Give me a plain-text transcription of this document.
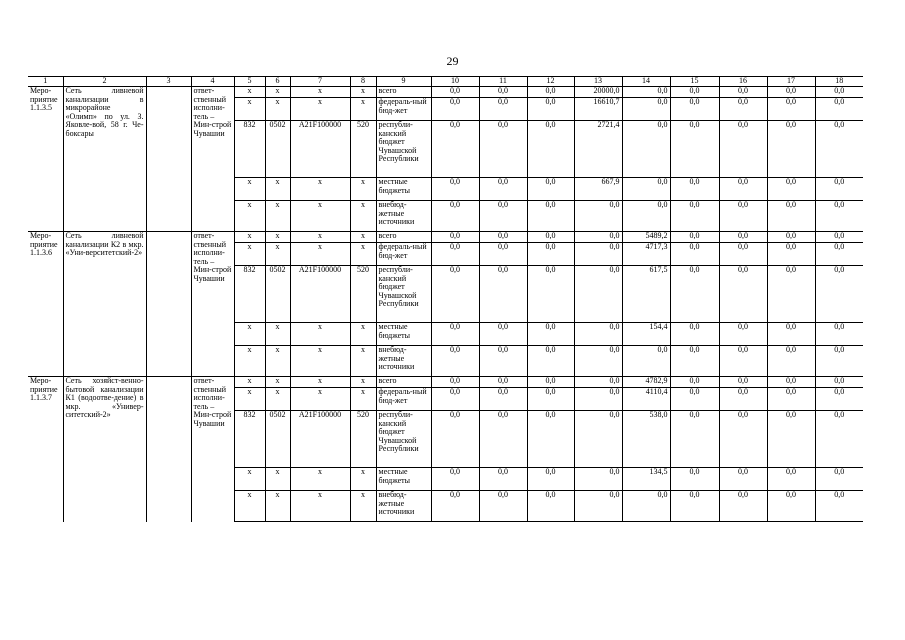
29
1	2	3	4	5	6	7	8	9	10	11	12	13	14	15	16	17	18
Меро-приятие 1.1.3.5	Сеть ливневой канализации в микрорайоне «Олимп» по ул. З. Яковле-вой, 58 г. Че-боксары		ответ-ственный исполни-тель – Мин-строй Чувашии	х	х	х	х	всего	0,0	0,0	0,0	20000,0	0,0	0,0	0,0	0,0	0,0
				х	х	х	х	федераль-ный бюд-жет	0,0	0,0	0,0	16610,7	0,0	0,0	0,0	0,0	0,0
				832	0502	A21F100000	520	республи-канский бюджет Чувашской Республики	0,0	0,0	0,0	2721,4	0,0	0,0	0,0	0,0	0,0
				х	х	х	х	местные бюджеты	0,0	0,0	0,0	667,9	0,0	0,0	0,0	0,0	0,0
				х	х	х	х	внебюд-жетные источники	0,0	0,0	0,0	0,0	0,0	0,0	0,0	0,0	0,0
Меро-приятие 1.1.3.6	Сеть ливневой канализации К2 в мкр. «Уни-верситетский-2»		ответ-ственный исполни-тель – Мин-строй Чувашии	х	х	х	х	всего	0,0	0,0	0,0	0,0	5489,2	0,0	0,0	0,0	0,0
				х	х	х	х	федераль-ный бюд-жет	0,0	0,0	0,0	0,0	4717,3	0,0	0,0	0,0	0,0
				832	0502	A21F100000	520	республи-канский бюджет Чувашской Республики	0,0	0,0	0,0	0,0	617,5	0,0	0,0	0,0	0,0
				х	х	х	х	местные бюджеты	0,0	0,0	0,0	0,0	154,4	0,0	0,0	0,0	0,0
				х	х	х	х	внебюд-жетные источники	0,0	0,0	0,0	0,0	0,0	0,0	0,0	0,0	0,0
Меро-приятие 1.1.3.7	Сеть хозяйст-венно-бытовой канализации К1 (водоотве-дение) в мкр. «Универ-ситетский-2»		ответ-ственный исполни-тель – Мин-строй Чувашии	х	х	х	х	всего	0,0	0,0	0,0	0,0	4782,9	0,0	0,0	0,0	0,0
				х	х	х	х	федераль-ный бюд-жет	0,0	0,0	0,0	0,0	4110,4	0,0	0,0	0,0	0,0
				832	0502	A21F100000	520	республи-канский бюджет Чувашской Республики	0,0	0,0	0,0	0,0	538,0	0,0	0,0	0,0	0,0
				х	х	х	х	местные бюджеты	0,0	0,0	0,0	0,0	134,5	0,0	0,0	0,0	0,0
				х	х	х	х	внебюд-жетные источники	0,0	0,0	0,0	0,0	0,0	0,0	0,0	0,0	0,0
